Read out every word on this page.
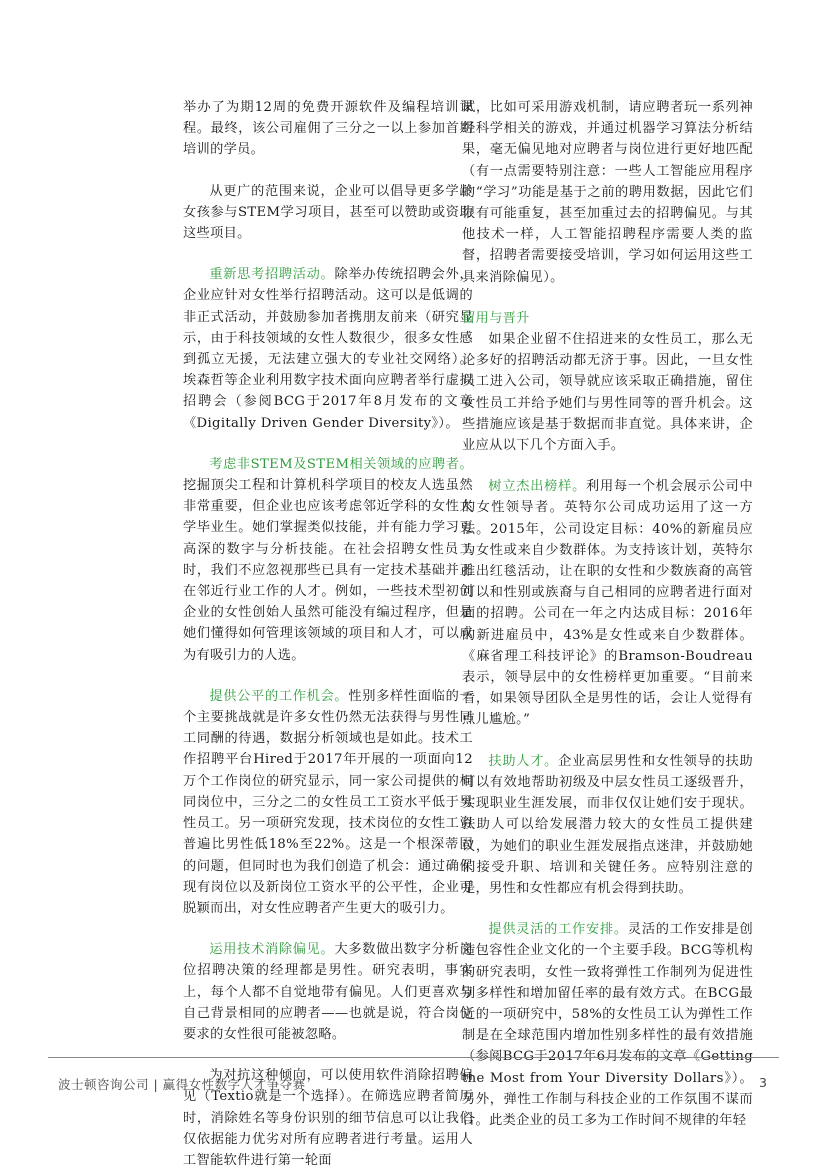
举办了为期12周的免费开源软件及编程培训课程。最终，该公司雇佣了三分之一以上参加首期培训的学员。

从更广的范围来说，企业可以倡导更多学龄女孩参与STEM学习项目，甚至可以赞助或资助这些项目。

重新思考招聘活动。除举办传统招聘会外，企业应针对女性举行招聘活动。这可以是低调的非正式活动，并鼓励参加者携朋友前来（研究显示，由于科技领域的女性人数很少，很多女性感到孤立无援，无法建立强大的专业社交网络）。埃森哲等企业利用数字技术面向应聘者举行虚拟招聘会（参阅BCG于2017年8月发布的文章《Digitally Driven Gender Diversity》）。

考虑非STEM及STEM相关领域的应聘者。挖掘顶尖工程和计算机科学项目的校友人选虽然非常重要，但企业也应该考虑邻近学科的女性大学毕业生。她们掌握类似技能，并有能力学习更高深的数字与分析技能。在社会招聘女性员工时，我们不应忽视那些已具有一定技术基础并正在邻近行业工作的人才。例如，一些技术型初创企业的女性创始人虽然可能没有编过程序，但是她们懂得如何管理该领域的项目和人才，可以成为有吸引力的人选。

提供公平的工作机会。性别多样性面临的一个主要挑战就是许多女性仍然无法获得与男性同工同酬的待遇，数据分析领域也是如此。技术工作招聘平台Hired于2017年开展的一项面向12万个工作岗位的研究显示，同一家公司提供的相同岗位中，三分之二的女性员工工资水平低于男性员工。另一项研究发现，技术岗位的女性工资普遍比男性低18%至22%。这是一个根深蒂固的问题，但同时也为我们创造了机会：通过确保现有岗位以及新岗位工资水平的公平性，企业可脱颖而出，对女性应聘者产生更大的吸引力。

运用技术消除偏见。大多数做出数字分析岗位招聘决策的经理都是男性。研究表明，事实上，每个人都不自觉地带有偏见。人们更喜欢与自己背景相同的应聘者——也就是说，符合岗位要求的女性很可能被忽略。

为对抗这种倾向，可以使用软件消除招聘偏见（Textio就是一个选择）。在筛选应聘者简历时，消除姓名等身份识别的细节信息可以让我们仅依据能力优劣对所有应聘者进行考量。运用人工智能软件进行第一轮面

试，比如可采用游戏机制，请应聘者玩一系列神经科学相关的游戏，并通过机器学习算法分析结果，毫无偏见地对应聘者与岗位进行更好地匹配（有一点需要特别注意：一些人工智能应用程序的“学习”功能是基于之前的聘用数据，因此它们很有可能重复，甚至加重过去的招聘偏见。与其他技术一样，人工智能招聘程序需要人类的监督，招聘者需要接受培训，学习如何运用这些工具来消除偏见）。

留用与晋升

如果企业留不住招进来的女性员工，那么无论多好的招聘活动都无济于事。因此，一旦女性员工进入公司，领导就应该采取正确措施，留住女性员工并给予她们与男性同等的晋升机会。这些措施应该是基于数据而非直觉。具体来讲，企业应从以下几个方面入手。

树立杰出榜样。利用每一个机会展示公司中的女性领导者。英特尔公司成功运用了这一方法。2015年，公司设定目标：40%的新雇员应为女性或来自少数群体。为支持该计划，英特尔推出红毯活动，让在职的女性和少数族裔的高管可以和性别或族裔与自己相同的应聘者进行面对面的招聘。公司在一年之内达成目标：2016年的新进雇员中，43%是女性或来自少数群体。《麻省理工科技评论》的Bramson-Boudreau表示，领导层中的女性榜样更加重要。“目前来看，如果领导团队全是男性的话，会让人觉得有点儿尴尬。”

扶助人才。企业高层男性和女性领导的扶助可以有效地帮助初级及中层女性员工逐级晋升，实现职业生涯发展，而非仅仅让她们安于现状。扶助人可以给发展潜力较大的女性员工提供建议，为她们的职业生涯发展指点迷津，并鼓励她们接受升职、培训和关键任务。应特别注意的是，男性和女性都应有机会得到扶助。

提供灵活的工作安排。灵活的工作安排是创造包容性企业文化的一个主要手段。BCG等机构的研究表明，女性一致将弹性工作制列为促进性别多样性和增加留任率的最有效方式。在BCG最近的一项研究中，58%的女性员工认为弹性工作制是在全球范围内增加性别多样性的最有效措施（参阅BCG于2017年6月发布的文章《Getting the Most from Your Diversity Dollars》）。另外，弹性工作制与科技企业的工作氛围不谋而合。此类企业的员工多为工作时间不规律的年轻

波士顿咨询公司 | 赢得女性数字人才争夺赛	3
